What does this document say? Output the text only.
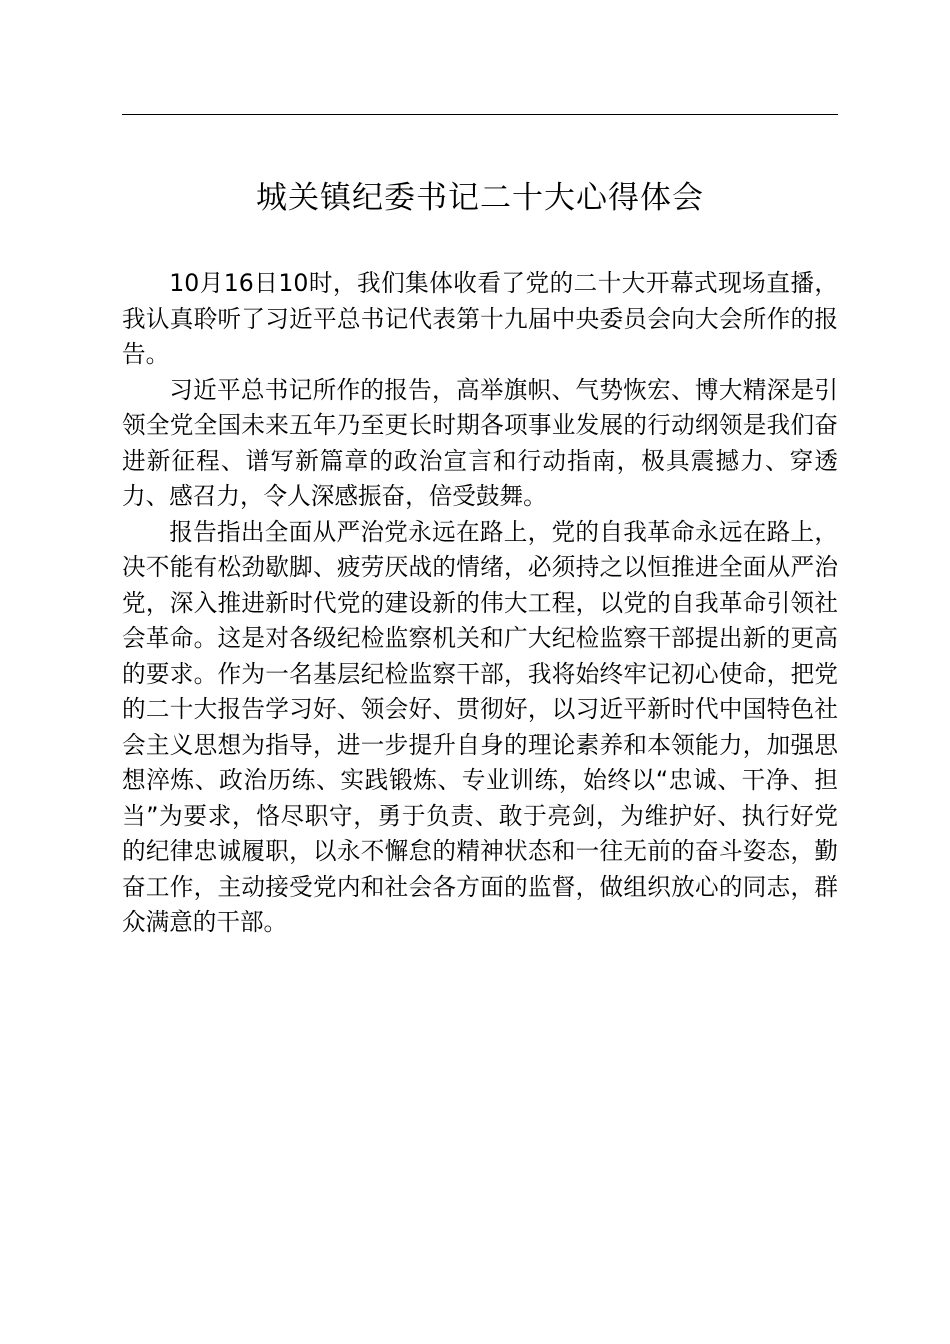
城关镇纪委书记二十大心得体会

10月16日10时，我们集体收看了党的二十大开幕式现场直播，我认真聆听了习近平总书记代表第十九届中央委员会向大会所作的报告。

习近平总书记所作的报告，高举旗帜、气势恢宏、博大精深是引领全党全国未来五年乃至更长时期各项事业发展的行动纲领是我们奋进新征程、谱写新篇章的政治宣言和行动指南，极具震撼力、穿透力、感召力，令人深感振奋，倍受鼓舞。

报告指出全面从严治党永远在路上，党的自我革命永远在路上，决不能有松劲歇脚、疲劳厌战的情绪，必须持之以恒推进全面从严治党，深入推进新时代党的建设新的伟大工程，以党的自我革命引领社会革命。这是对各级纪检监察机关和广大纪检监察干部提出新的更高的要求。作为一名基层纪检监察干部，我将始终牢记初心使命，把党的二十大报告学习好、领会好、贯彻好，以习近平新时代中国特色社会主义思想为指导，进一步提升自身的理论素养和本领能力，加强思想淬炼、政治历练、实践锻炼、专业训练，始终以“忠诚、干净、担当”为要求，恪尽职守，勇于负责、敢于亮剑，为维护好、执行好党的纪律忠诚履职，以永不懈怠的精神状态和一往无前的奋斗姿态，勤奋工作，主动接受党内和社会各方面的监督，做组织放心的同志，群众满意的干部。
